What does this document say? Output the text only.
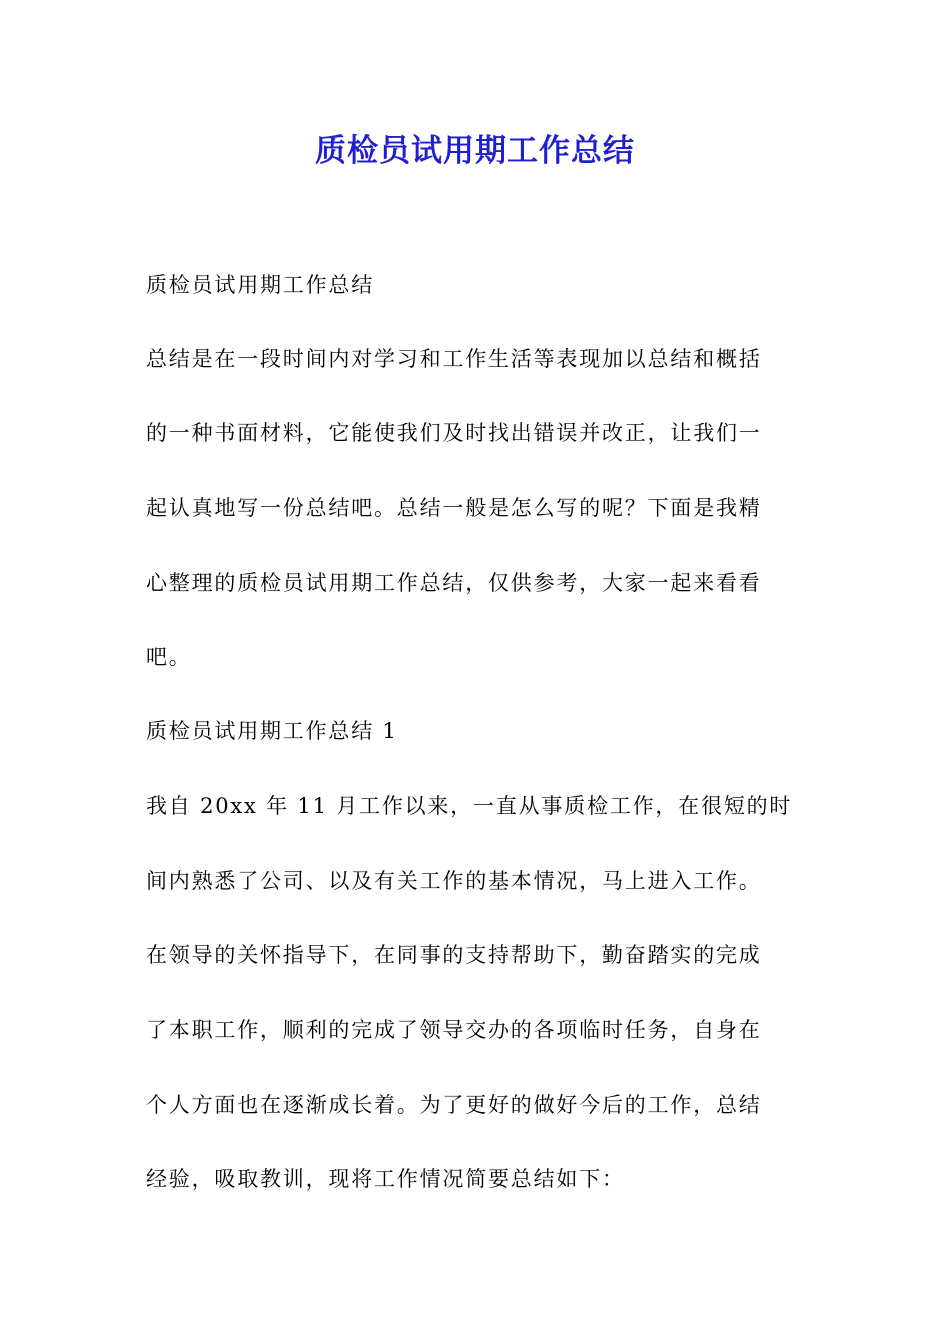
质检员试用期工作总结

质检员试用期工作总结

总结是在一段时间内对学习和工作生活等表现加以总结和概括

的一种书面材料，它能使我们及时找出错误并改正，让我们一

起认真地写一份总结吧。总结一般是怎么写的呢？下面是我精

心整理的质检员试用期工作总结，仅供参考，大家一起来看看

吧。

质检员试用期工作总结 1

我自 20xx 年 11 月工作以来，一直从事质检工作，在很短的时

间内熟悉了公司、以及有关工作的基本情况，马上进入工作。

在领导的关怀指导下，在同事的支持帮助下，勤奋踏实的完成

了本职工作，顺利的完成了领导交办的各项临时任务，自身在

个人方面也在逐渐成长着。为了更好的做好今后的工作，总结

经验，吸取教训，现将工作情况简要总结如下：
